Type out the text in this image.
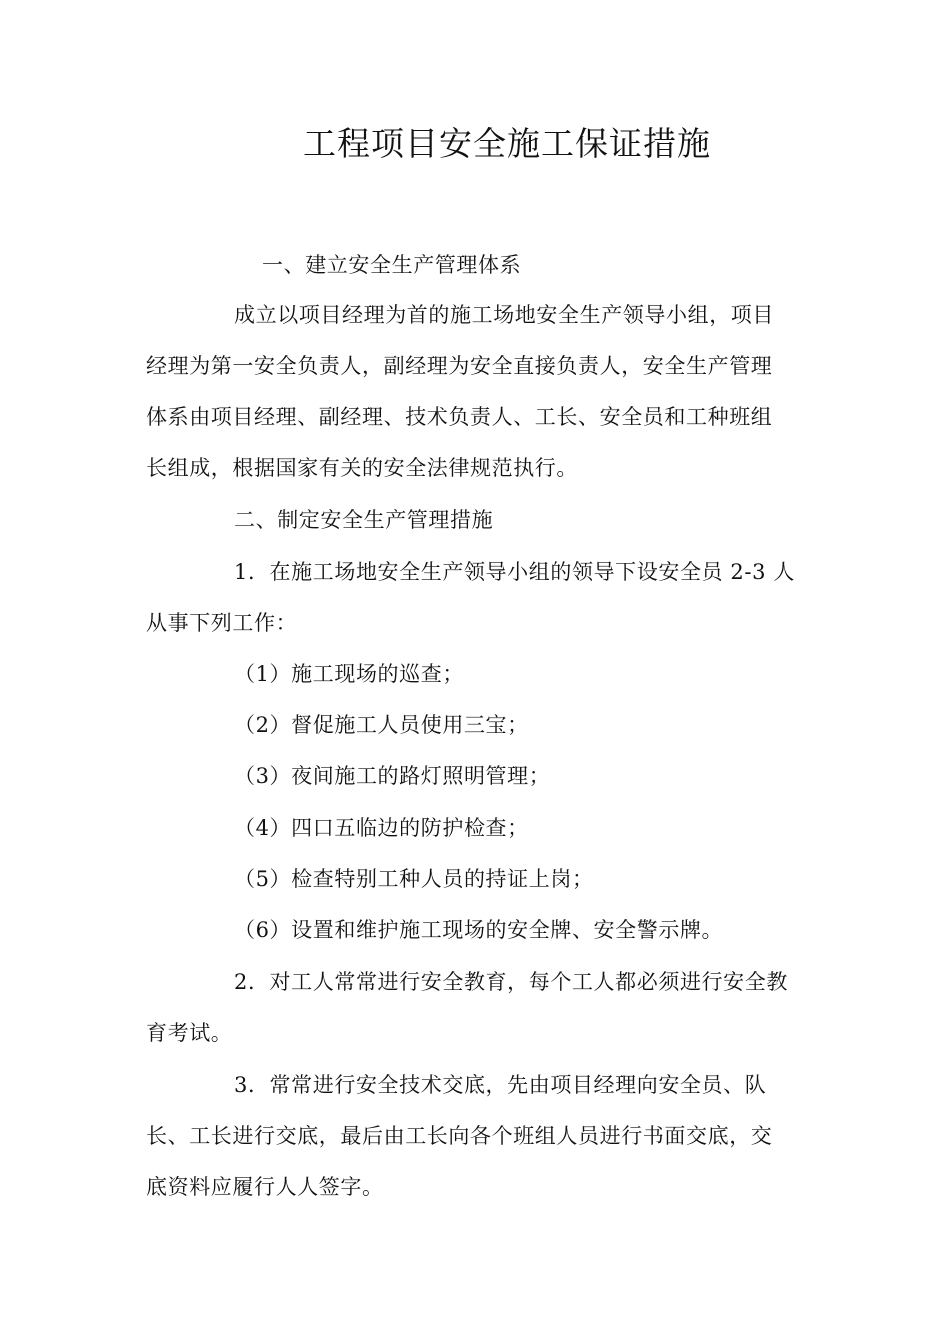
工程项目安全施工保证措施
一、建立安全生产管理体系
成立以项目经理为首的施工场地安全生产领导小组，项目
经理为第一安全负责人，副经理为安全直接负责人，安全生产管理
体系由项目经理、副经理、技术负责人、工长、安全员和工种班组
长组成，根据国家有关的安全法律规范执行。
二、制定安全生产管理措施
1．在施工场地安全生产领导小组的领导下设安全员 2-3 人
从事下列工作：
（1）施工现场的巡查；
（2）督促施工人员使用三宝；
（3）夜间施工的路灯照明管理；
（4）四口五临边的防护检查；
（5）检查特别工种人员的持证上岗；
（6）设置和维护施工现场的安全牌、安全警示牌。
2．对工人常常进行安全教育，每个工人都必须进行安全教
育考试。
3．常常进行安全技术交底，先由项目经理向安全员、队
长、工长进行交底，最后由工长向各个班组人员进行书面交底，交
底资料应履行人人签字。
